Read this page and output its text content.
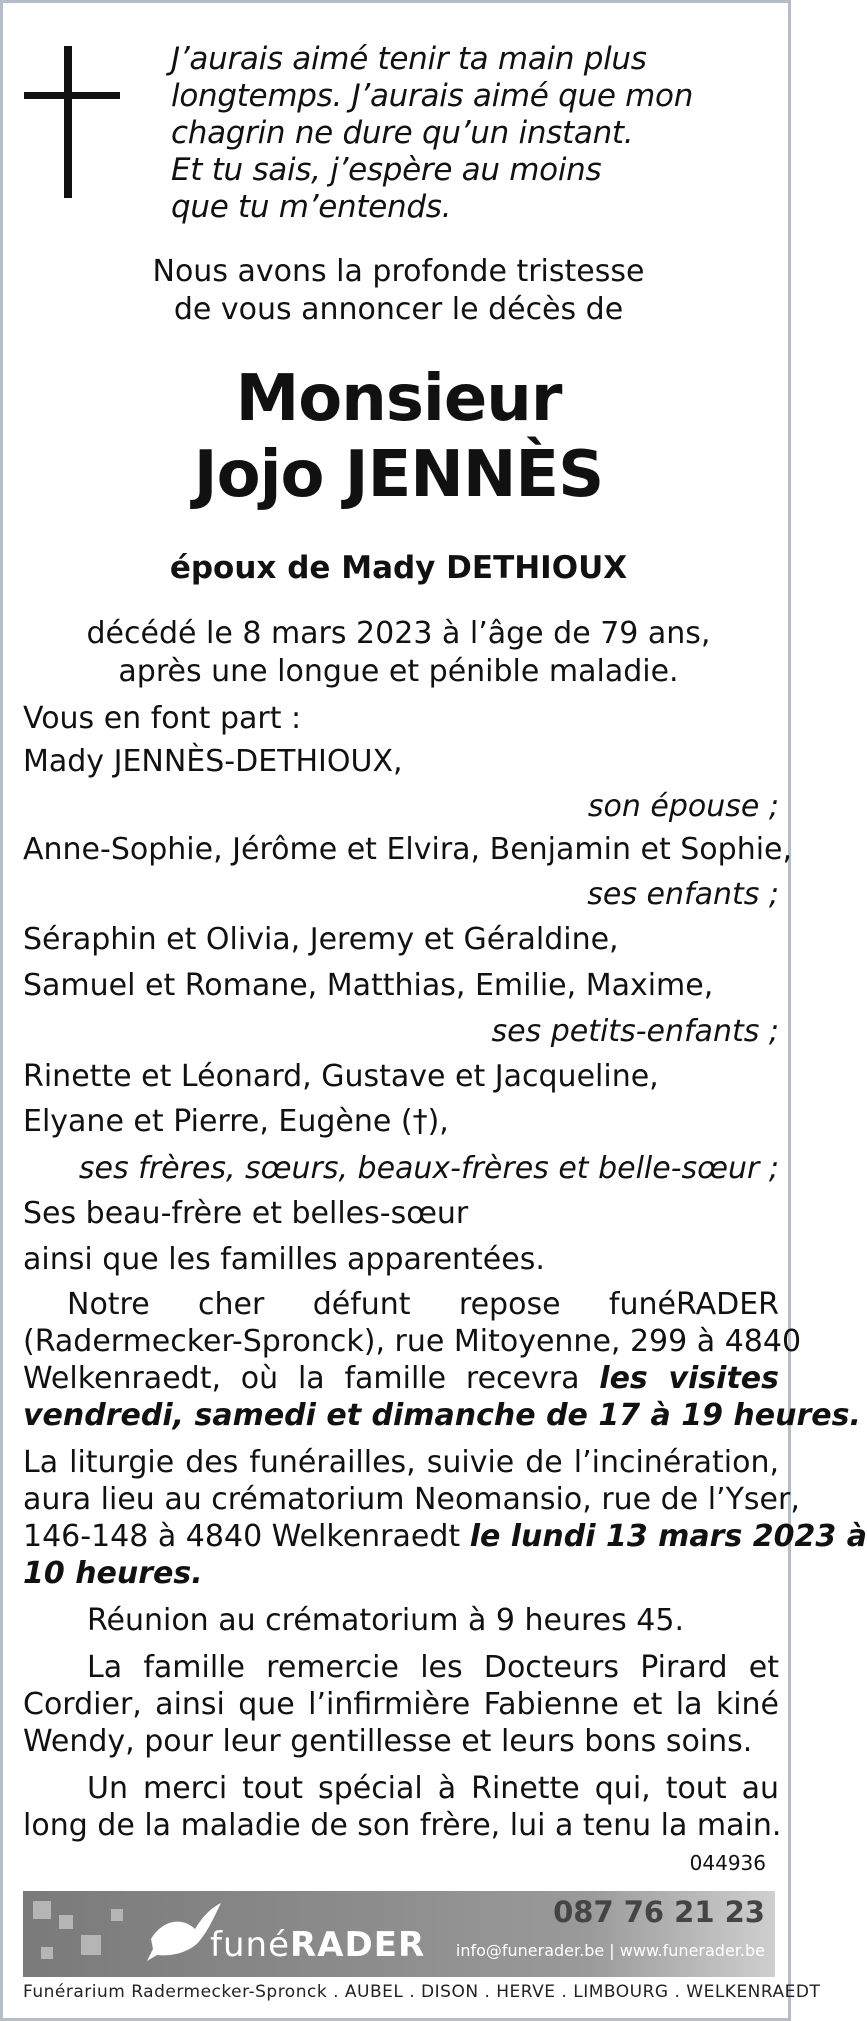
J’aurais aimé tenir ta main plus
longtemps. J’aurais aimé que mon
chagrin ne dure qu’un instant.
Et tu sais, j’espère au moins
que tu m’entends.
Nous avons la profonde tristesse
de vous annoncer le décès de
Monsieur
Jojo JENNÈS
époux de Mady DETHIOUX
décédé le 8 mars 2023 à l’âge de 79 ans,
après une longue et pénible maladie.
Vous en font part :
Mady JENNÈS-DETHIOUX,
son épouse ;
Anne-Sophie, Jérôme et Elvira, Benjamin et Sophie,
ses enfants ;
Séraphin et Olivia, Jeremy et Géraldine,
Samuel et Romane, Matthias, Emilie, Maxime,
ses petits-enfants ;
Rinette et Léonard, Gustave et Jacqueline,
Elyane et Pierre, Eugène (†),
ses frères, sœurs, beaux-frères et belle-sœur ;
Ses beau-frère et belles-sœur
ainsi que les familles apparentées.
Notre cher défunt repose funéRADER
(Radermecker-Spronck), rue Mitoyenne, 299 à 4840
Welkenraedt, où la famille recevra les visites
vendredi, samedi et dimanche de 17 à 19 heures.
La liturgie des funérailles, suivie de l’incinération,
aura lieu au crématorium Neomansio, rue de l’Yser,
146-148 à 4840 Welkenraedt le lundi 13 mars 2023 à
10 heures.
Réunion au crématorium à 9 heures 45.
La famille remercie les Docteurs Pirard et
Cordier, ainsi que l’infirmière Fabienne et la kiné
Wendy, pour leur gentillesse et leurs bons soins.
Un merci tout spécial à Rinette qui, tout au
long de la maladie de son frère, lui a tenu la main.
044936
funéRADER
087 76 21 23
info@funerader.be | www.funerader.be
Funérarium Radermecker-Spronck . AUBEL . DISON . HERVE . LIMBOURG . WELKENRAEDT
